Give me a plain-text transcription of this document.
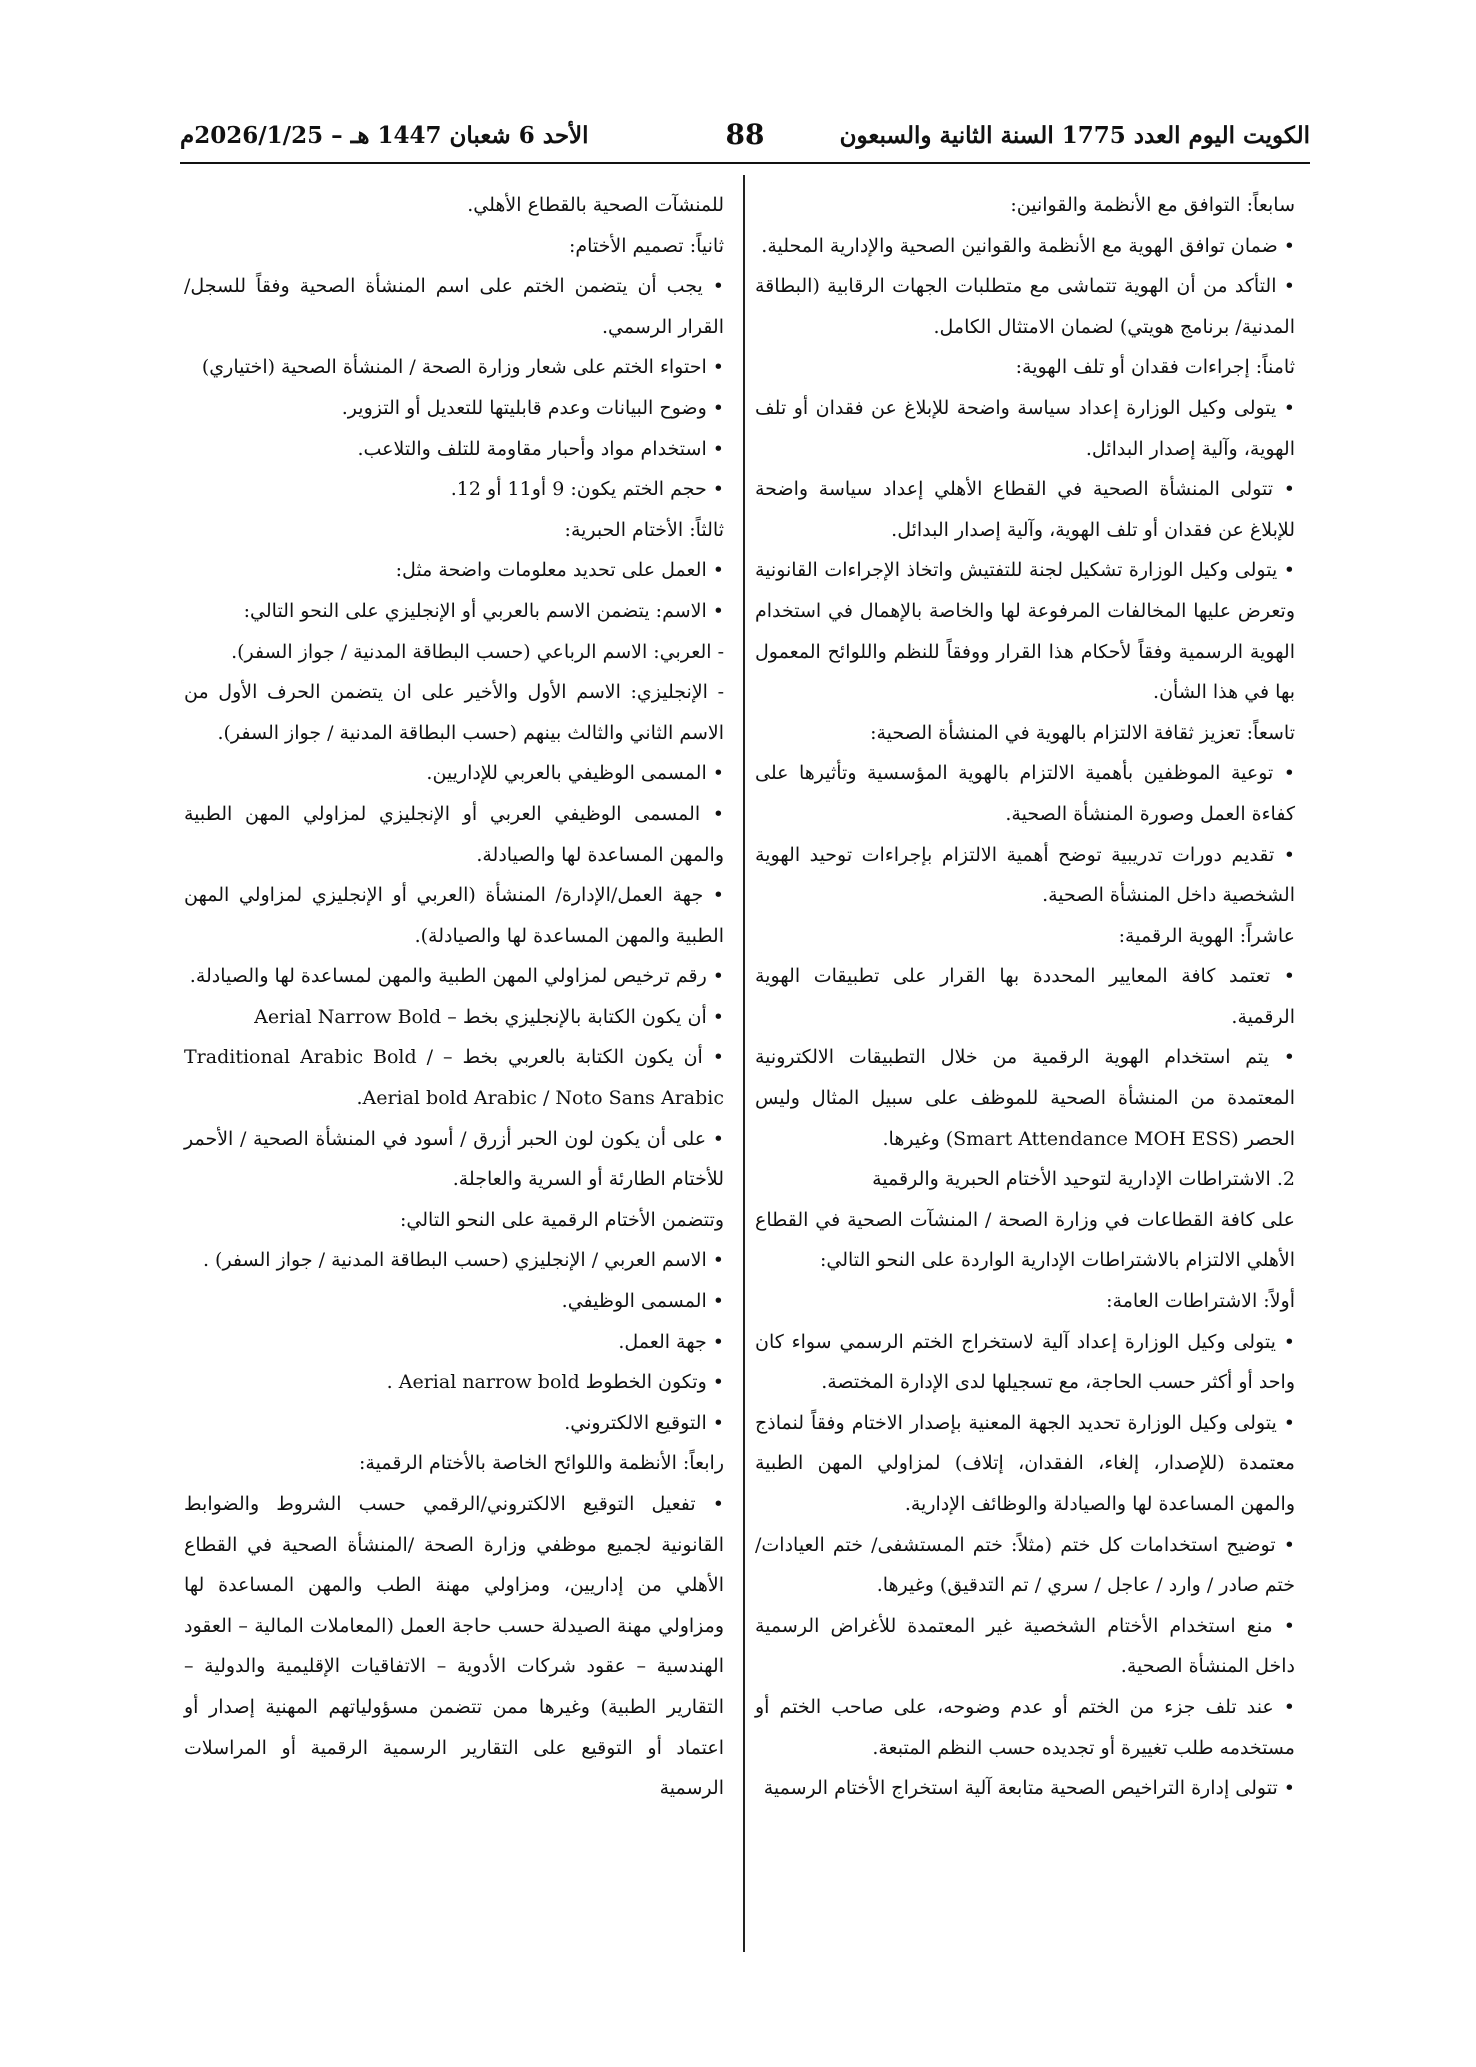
الكويت اليوم العدد 1775 السنة الثانية والسبعون
88
الأحد 6 شعبان 1447 هـ – 2026/1/25م

سابعاً: التوافق مع الأنظمة والقوانين:

• ضمان توافق الهوية مع الأنظمة والقوانين الصحية والإدارية المحلية.

• التأكد من أن الهوية تتماشى مع متطلبات الجهات الرقابية (البطاقة المدنية/ برنامج هويتي) لضمان الامتثال الكامل.

ثامناً: إجراءات فقدان أو تلف الهوية:

• يتولى وكيل الوزارة إعداد سياسة واضحة للإبلاغ عن فقدان أو تلف الهوية، وآلية إصدار البدائل.

• تتولى المنشأة الصحية في القطاع الأهلي إعداد سياسة واضحة للإبلاغ عن فقدان أو تلف الهوية، وآلية إصدار البدائل.

• يتولى وكيل الوزارة تشكيل لجنة للتفتيش واتخاذ الإجراءات القانونية وتعرض عليها المخالفات المرفوعة لها والخاصة بالإهمال في استخدام الهوية الرسمية وفقاً لأحكام هذا القرار ووفقاً للنظم واللوائح المعمول بها في هذا الشأن.

تاسعاً: تعزيز ثقافة الالتزام بالهوية في المنشأة الصحية:

• توعية الموظفين بأهمية الالتزام بالهوية المؤسسية وتأثيرها على كفاءة العمل وصورة المنشأة الصحية.

• تقديم دورات تدريبية توضح أهمية الالتزام بإجراءات توحيد الهوية الشخصية داخل المنشأة الصحية.

عاشراً: الهوية الرقمية:

• تعتمد كافة المعايير المحددة بها القرار على تطبيقات الهوية الرقمية.

• يتم استخدام الهوية الرقمية من خلال التطبيقات الالكترونية المعتمدة من المنشأة الصحية للموظف على سبيل المثال وليس الحصر (Smart Attendance MOH ESS) وغيرها.

2. الاشتراطات الإدارية لتوحيد الأختام الحبرية والرقمية

على كافة القطاعات في وزارة الصحة / المنشآت الصحية في القطاع الأهلي الالتزام بالاشتراطات الإدارية الواردة على النحو التالي:

أولاً: الاشتراطات العامة:

• يتولى وكيل الوزارة إعداد آلية لاستخراج الختم الرسمي سواء كان واحد أو أكثر حسب الحاجة، مع تسجيلها لدى الإدارة المختصة.

• يتولى وكيل الوزارة تحديد الجهة المعنية بإصدار الاختام وفقاً لنماذج معتمدة (للإصدار، إلغاء، الفقدان، إتلاف) لمزاولي المهن الطبية والمهن المساعدة لها والصيادلة والوظائف الإدارية.

• توضيح استخدامات كل ختم (مثلاً: ختم المستشفى/ ختم العيادات/ ختم صادر / وارد / عاجل / سري / تم التدقيق) وغيرها.

• منع استخدام الأختام الشخصية غير المعتمدة للأغراض الرسمية داخل المنشأة الصحية.

• عند تلف جزء من الختم أو عدم وضوحه، على صاحب الختم أو مستخدمه طلب تغييرة أو تجديده حسب النظم المتبعة.

• تتولى إدارة التراخيص الصحية متابعة آلية استخراج الأختام الرسمية

للمنشآت الصحية بالقطاع الأهلي.

ثانياً: تصميم الأختام:

• يجب أن يتضمن الختم على اسم المنشأة الصحية وفقاً للسجل/ القرار الرسمي.

• احتواء الختم على شعار وزارة الصحة / المنشأة الصحية (اختياري)

• وضوح البيانات وعدم قابليتها للتعديل أو التزوير.

• استخدام مواد وأحبار مقاومة للتلف والتلاعب.

• حجم الختم يكون: 9 أو11 أو 12.

ثالثاً: الأختام الحبرية:

• العمل على تحديد معلومات واضحة مثل:

• الاسم: يتضمن الاسم بالعربي أو الإنجليزي على النحو التالي:

- العربي: الاسم الرباعي (حسب البطاقة المدنية / جواز السفر).

- الإنجليزي: الاسم الأول والأخير على ان يتضمن الحرف الأول من الاسم الثاني والثالث بينهم (حسب البطاقة المدنية / جواز السفر).

• المسمى الوظيفي بالعربي للإداريين.

• المسمى الوظيفي العربي أو الإنجليزي لمزاولي المهن الطبية والمهن المساعدة لها والصيادلة.

• جهة العمل/الإدارة/ المنشأة (العربي أو الإنجليزي لمزاولي المهن الطبية والمهن المساعدة لها والصيادلة).

• رقم ترخيص لمزاولي المهن الطبية والمهن لمساعدة لها والصيادلة.

• أن يكون الكتابة بالإنجليزي بخط – Aerial Narrow Bold

• أن يكون الكتابة بالعربي بخط – Traditional Arabic Bold / Aerial bold Arabic / Noto Sans Arabic.

• على أن يكون لون الحبر أزرق / أسود في المنشأة الصحية / الأحمر للأختام الطارئة أو السرية والعاجلة.

وتتضمن الأختام الرقمية على النحو التالي:

• الاسم العربي / الإنجليزي (حسب البطاقة المدنية / جواز السفر) .

• المسمى الوظيفي.

• جهة العمل.

• وتكون الخطوط Aerial narrow bold .

• التوقيع الالكتروني.

رابعاً: الأنظمة واللوائح الخاصة بالأختام الرقمية:

• تفعيل التوقيع الالكتروني/الرقمي حسب الشروط والضوابط القانونية لجميع موظفي وزارة الصحة /المنشأة الصحية في القطاع الأهلي من إداريين، ومزاولي مهنة الطب والمهن المساعدة لها ومزاولي مهنة الصيدلة حسب حاجة العمل (المعاملات المالية – العقود الهندسية – عقود شركات الأدوية – الاتفاقيات الإقليمية والدولية – التقارير الطبية) وغيرها ممن تتضمن مسؤولياتهم المهنية إصدار أو اعتماد أو التوقيع على التقارير الرسمية الرقمية أو المراسلات الرسمية
